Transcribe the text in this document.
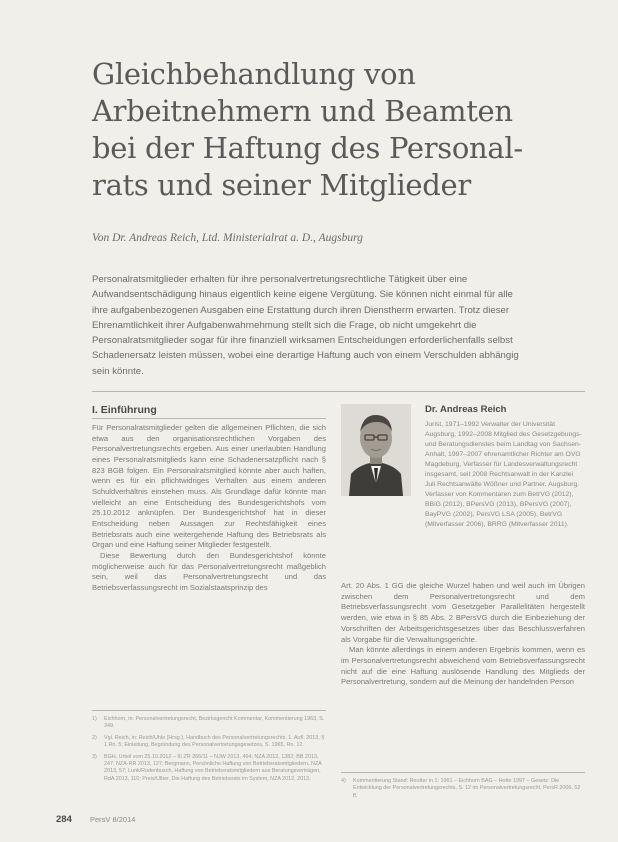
Gleichbehandlung von Arbeitnehmern und Beamten bei der Haftung des Personal-rats und seiner Mitglieder
Von Dr. Andreas Reich, Ltd. Ministerialrat a. D., Augsburg
Personalratsmitglieder erhalten für ihre personalvertretungsrechtliche Tätigkeit über eine Aufwandsentschädigung hinaus eigentlich keine eigene Vergütung. Sie können nicht einmal für alle ihre aufgabenbezogenen Ausgaben eine Erstattung durch ihren Dienstherrn erwarten. Trotz dieser Ehrenamtlichkeit ihrer Aufgabenwahrnehmung stellt sich die Frage, ob nicht umgekehrt die Personalratsmitglieder sogar für ihre finanziell wirksamen Entscheidungen erforderlichenfalls selbst Schadenersatz leisten müssen, wobei eine derartige Haftung auch von einem Verschulden abhängig sein könnte.
I. Einführung

Für Personalratsmitglieder gelten die allgemeinen Pflichten, die sich etwa aus den organisationsrechtlichen Vorgaben des Personalvertretungsrechts ergeben. Aus einer unerlaubten Handlung eines Personalratsmitglieds kann eine Schadenersatzpflicht nach § 823 BGB folgen. Ein Personalratsmitglied könnte aber auch haften, wenn es für ein pflichtwidriges Verhalten aus einem anderen Schuldverhältnis einstehen muss. Als Grundlage dafür könnte man vielleicht an eine Entscheidung des Bundesgerichtshofs vom 25.10.2012 anknüpfen. Der Bundesgerichtshof hat in dieser Entscheidung neben Aussagen zur Rechtsfähigkeit eines Betriebsrats auch eine weitergehende Haftung des Betriebsrats als Organ und eine Haftung seiner Mitglieder festgestellt.

Diese Bewertung durch den Bundesgerichtshof könnte möglicherweise auch für das Personalvertretungsrecht maßgeblich sein, weil das Personalvertretungsrecht und das Betriebsverfassungsrecht im Sozialstaatsprinzip des

Dr. Andreas Reich
Jurist, 1971–1992 Verwalter der Universität Augsburg, 1992–2008 Mitglied des Gesetzgebungs- und Beratungsdienstes beim Landtag von Sachsen-Anhalt, 1997–2007 ehrenamtlicher Richter am OVG Magdeburg, Verfasser für Landesverwaltungsrecht insgesamt, seit 2008 Rechtsanwalt in der Kanzlei Juli Rechtsanwälte Wößner und Partner, Augsburg. Verfasser von Kommentaren zum BetrVG (2012), BBiG (2012), BPersVG (2013), BPersVG (2007), BayPVG (2002), PersVG LSA (2005), BetrVG (Mitverfasser 2006), BRRG (Mitverfasser 2011).

Art. 20 Abs. 1 GG die gleiche Wurzel haben und weil auch im Übrigen zwischen dem Personalvertretungsrecht und dem Betriebsverfassungsrecht vom Gesetzgeber Parallelitäten hergestellt werden, wie etwa in § 85 Abs. 2 BPersVG durch die Einbeziehung der Vorschriften der Arbeitsgerichtsgesetzes über das Beschlussverfahren als Vorgabe für die Verwaltungsgerichte.

Man könnte allerdings in einem anderen Ergebnis kommen, wenn es im Personalvertretungsrecht abweichend vom Betriebsverfassungsrecht nicht auf die eine Haftung auslösende Handlung des Mitglieds der Personalvertretung, sondern auf die Meinung der handelnden Person

1)	Eichhorn, in: Personalvertretungsrecht, Bezirksgericht Kommentar, Kommentierung 1963, S. 349.
2)	Vgl. Reich, in: Reich/Uhle (Hrsg.), Handbuch des Personalvertretungsrechts, 1. Aufl. 2013, § 1 Rn. 5; Einleitung, Begründung des Personalvertretungsgesetzes, S. 1965, Rn. 12.
3)	BGH, Urteil vom 25.10.2012 – III ZR 266/11 – NJW 2013, 464; NZA 2012, 1382; BB 2013, 247; NZA-RR 2013, 127; Bergmann, Persönliche Haftung von Betriebsratsmitgliedern, NZA 2013, 57; Lunk/Rodenbusch, Haftung von Betriebsratsmitgliedern aus Beratungsverträgen, RdA 2013, 110; Preis/Ulber, Die Haftung des Betriebsrats im System, NZA 2012, 2013.	4)	Kommentierung Stand: Reutter in 1: 1961 – Eichhorn BAG – Hotte 1997 – Gesetz: Die Entwicklung der Personalvertretungsrechts, S. 12 im Personalvertretungsrecht, PersR 2006, 52 ff.
284 PersV 8/2014
